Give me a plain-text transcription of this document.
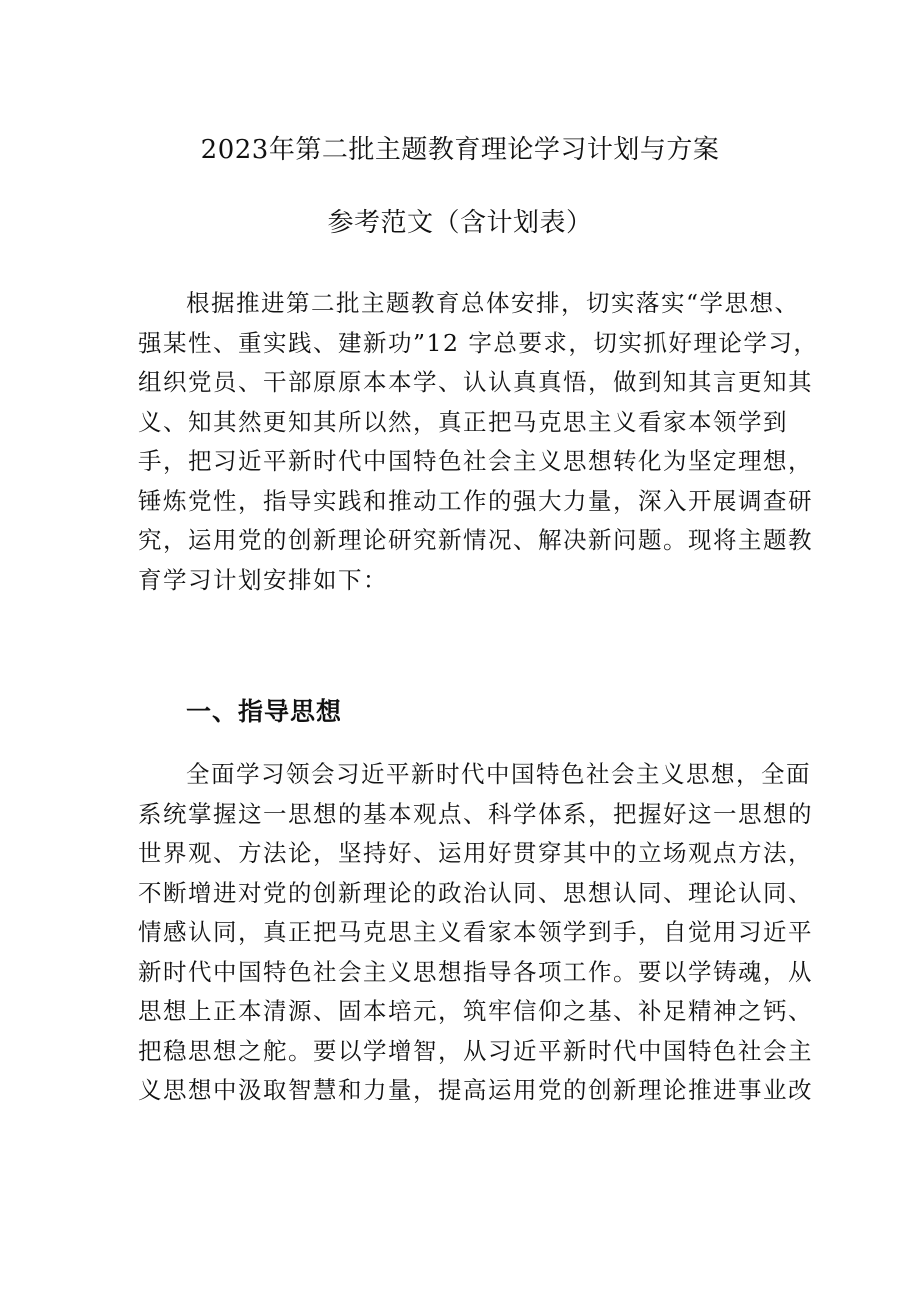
2023年第二批主题教育理论学习计划与方案
参考范文（含计划表）
根据推进第二批主题教育总体安排，切实落实“学思想、
强某性、重实践、建新功”12 字总要求，切实抓好理论学习，
组织党员、干部原原本本学、认认真真悟，做到知其言更知其
义、知其然更知其所以然，真正把马克思主义看家本领学到
手，把习近平新时代中国特色社会主义思想转化为坚定理想，
锤炼党性，指导实践和推动工作的强大力量，深入开展调查研
究，运用党的创新理论研究新情况、解决新问题。现将主题教
育学习计划安排如下：
一、指导思想
全面学习领会习近平新时代中国特色社会主义思想，全面
系统掌握这一思想的基本观点、科学体系，把握好这一思想的
世界观、方法论，坚持好、运用好贯穿其中的立场观点方法，
不断增进对党的创新理论的政治认同、思想认同、理论认同、
情感认同，真正把马克思主义看家本领学到手，自觉用习近平
新时代中国特色社会主义思想指导各项工作。要以学铸魂，从
思想上正本清源、固本培元，筑牢信仰之基、补足精神之钙、
把稳思想之舵。要以学增智，从习近平新时代中国特色社会主
义思想中汲取智慧和力量，提高运用党的创新理论推进事业改
